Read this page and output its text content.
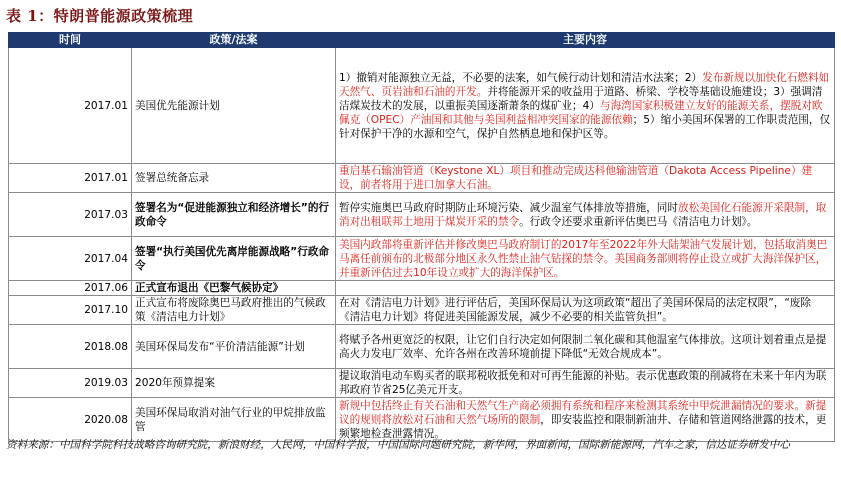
表 1：特朗普能源政策梳理
时间	政策/法案	主要内容
2017.01	美国优先能源计划	1）撤销对能源独立无益，不必要的法案，如气候行动计划和清洁水法案；2）发布新规以加快化石燃料如天然气、页岩油和石油的开发。并将能源开采的收益用于道路、桥梁、学校等基础设施建设；3）强调清洁煤炭技术的发展，以重振美国逐渐萧条的煤矿业；4）与海湾国家积极建立友好的能源关系，摆脱对欧佩克（OPEC）产油国和其他与美国利益相冲突国家的能源依赖；5）缩小美国环保署的工作职责范围，仅针对保护干净的水源和空气，保护自然栖息地和保护区等。
2017.01	签署总统备忘录	重启基石输油管道（Keystone XL）项目和推动完成达科他输油管道（Dakota Access Pipeline）建设，前者将用于进口加拿大石油。
2017.03	签署名为“促进能源独立和经济增长”的行政命令	暂停实施奥巴马政府时期防止环境污染、减少温室气体排放等措施，同时放松美国化石能源开采限制，取消对出租联邦土地用于煤炭开采的禁令。行政令还要求重新评估奥巴马《清洁电力计划》。
2017.04	签署“执行美国优先离岸能源战略”行政命令	美国内政部将重新评估并修改奥巴马政府制订的2017年至2022年外大陆架油气发展计划，包括取消奥巴马离任前颁布的北极部分地区永久性禁止油气钻探的禁令。美国商务部则将停止设立或扩大海洋保护区，并重新评估过去10年设立或扩大的海洋保护区。
2017.06	正式宣布退出《巴黎气候协定》	
2017.10	正式宣布将废除奥巴马政府推出的气候政策《清洁电力计划》	在对《清洁电力计划》进行评估后，美国环保局认为这项政策“超出了美国环保局的法定权限”，“废除《清洁电力计划》将促进美国能源发展，减少不必要的相关监管负担”。
2018.08	美国环保局发布“平价清洁能源”计划	将赋予各州更宽泛的权限，让它们自行决定如何限制二氧化碳和其他温室气体排放。这项计划着重点是提高火力发电厂效率、允许各州在改善环境前提下降低“无效合规成本”。
2019.03	2020年预算提案	提议取消电动车购买者的联邦税收抵免和对可再生能源的补贴。表示优惠政策的削减将在未来十年内为联邦政府节省25亿美元开支。
2020.08	美国环保局取消对油气行业的甲烷排放监管	新规中包括终止有关石油和天然气生产商必须拥有系统和程序来检测其系统中甲烷泄漏情况的要求。新提议的规则将放松对石油和天然气场所的限制，即安装监控和限制新油井、存储和管道网络泄露的技术，更频繁地检查泄露情况。
资料来源：中国科学院科技战略咨询研究院，新浪财经，人民网，中国科学报，中国国际问题研究院，新华网，界面新闻，国际新能源网，汽车之家，信达证券研发中心
